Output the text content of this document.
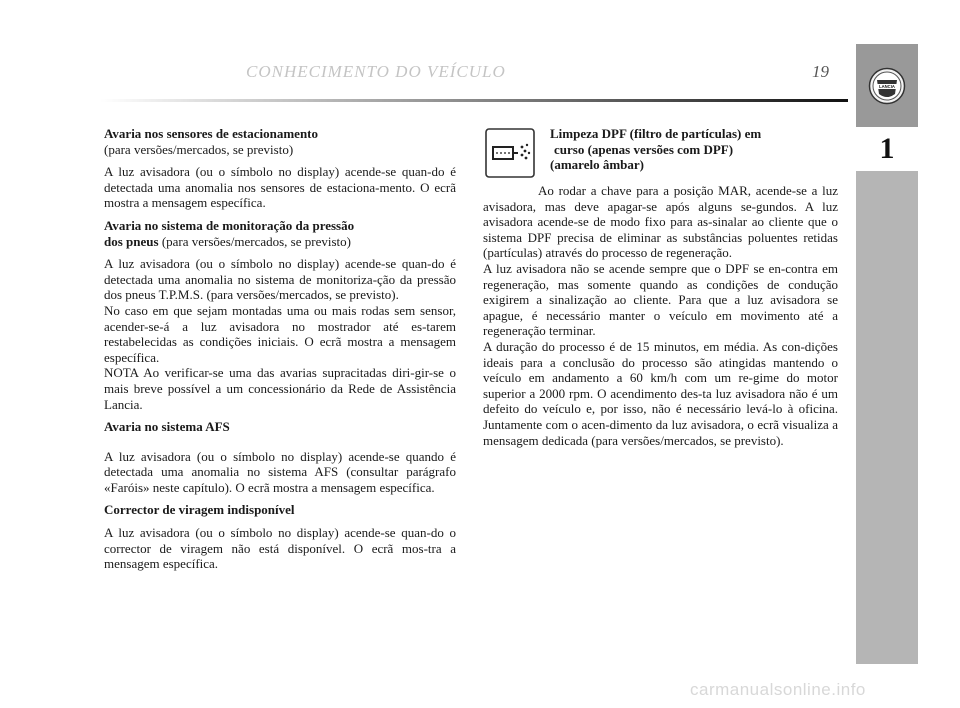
CONHECIMENTO DO VEÍCULO	19
LANCIA
1

Avaria nos sensores de estacionamento

(para versões/mercados, se previsto)

A luz avisadora (ou o símbolo no display) acende-se quan-do é detectada uma anomalia nos sensores de estaciona-mento. O ecrã mostra a mensagem específica.

Avaria no sistema de monitoração da pressão

dos pneus (para versões/mercados, se previsto)

A luz avisadora (ou o símbolo no display) acende-se quan-do é detectada uma anomalia no sistema de monitoriza-ção da pressão dos pneus T.P.M.S. (para versões/mercados, se previsto).

No caso em que sejam montadas uma ou mais rodas sem sensor, acender-se-á a luz avisadora no mostrador até es-tarem restabelecidas as condições iniciais. O ecrã mostra a mensagem específica.

NOTA Ao verificar-se uma das avarias supracitadas diri-gir-se o mais breve possível a um concessionário da Rede de Assistência Lancia.

Avaria no sistema AFS

A luz avisadora (ou o símbolo no display) acende-se quando é detectada uma anomalia no sistema AFS (consultar parágrafo «Faróis» neste capítulo). O ecrã mostra a mensagem específica.

Corrector de viragem indisponível

A luz avisadora (ou o símbolo no display) acende-se quan-do o corrector de viragem não está disponível. O ecrã mos-tra a mensagem específica.

Limpeza DPF (filtro de partículas) em

curso (apenas versões com DPF)

(amarelo âmbar)

Ao rodar a chave para a posição MAR, acende-se a luz avisadora, mas deve apagar-se após alguns se-gundos. A luz avisadora acende-se de modo fixo para as-sinalar ao cliente que o sistema DPF precisa de eliminar as substâncias poluentes retidas (partículas) através do processo de regeneração.

A luz avisadora não se acende sempre que o DPF se en-contra em regeneração, mas somente quando as condições de condução exigirem a sinalização ao cliente. Para que a luz avisadora se apague, é necessário manter o veículo em movimento até a regeneração terminar.

A duração do processo é de 15 minutos, em média. As con-dições ideais para a conclusão do processo são atingidas mantendo o veículo em andamento a 60 km/h com um re-gime do motor superior a 2000 rpm. O acendimento des-ta luz avisadora não é um defeito do veículo e, por isso, não é necessário levá-lo à oficina. Juntamente com o acen-dimento da luz avisadora, o ecrã visualiza a mensagem dedicada (para versões/mercados, se previsto).

carmanualsonline.info
